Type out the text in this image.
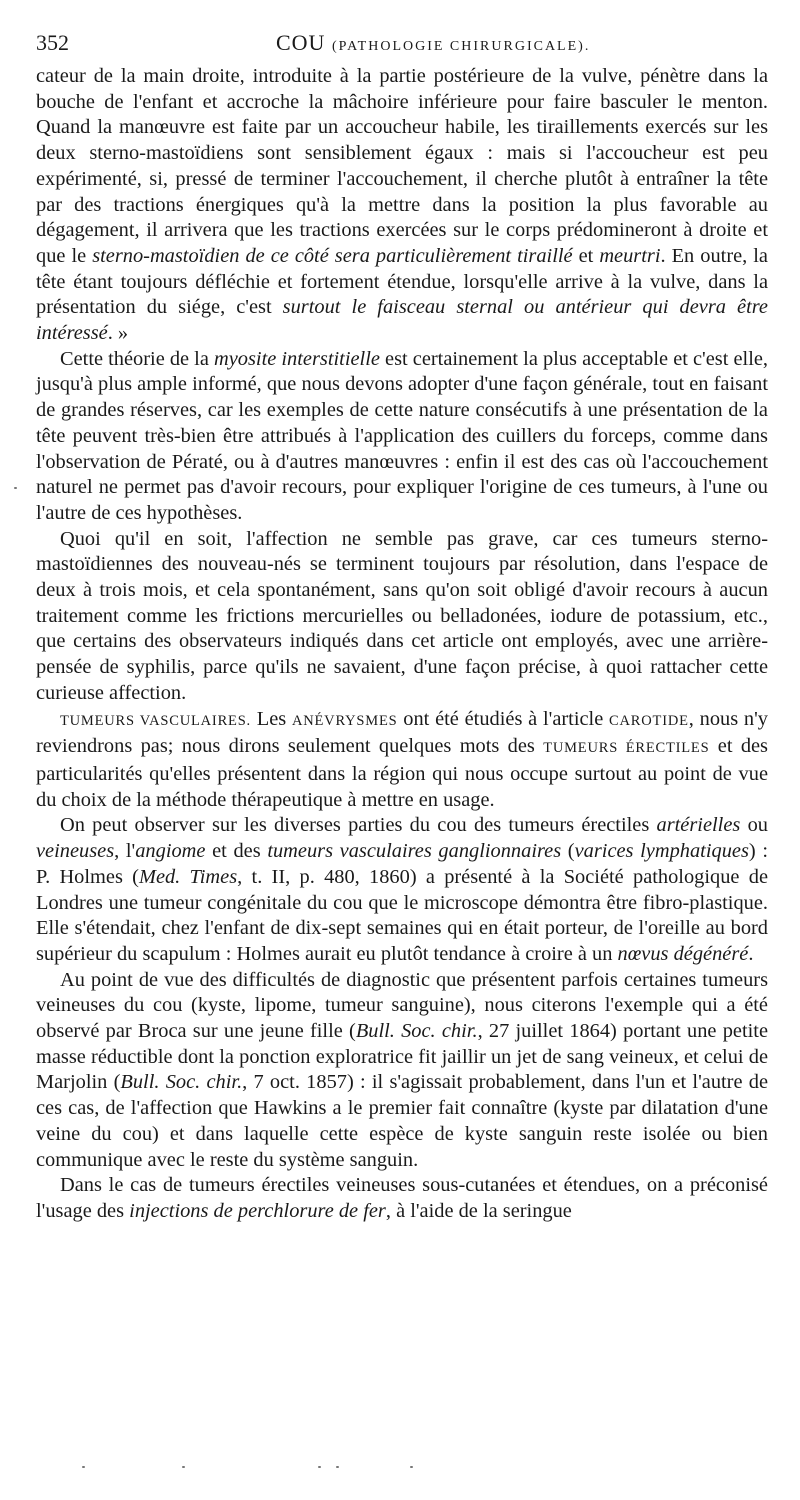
352	COU (PATHOLOGIE CHIRURGICALE).

cateur de la main droite, introduite à la partie postérieure de la vulve, pénètre dans la bouche de l'enfant et accroche la mâchoire inférieure pour faire basculer le menton. Quand la manœuvre est faite par un accoucheur habile, les tiraillements exercés sur les deux sterno-mastoïdiens sont sensiblement égaux : mais si l'accoucheur est peu expérimenté, si, pressé de terminer l'accouchement, il cherche plutôt à entraîner la tête par des tractions énergiques qu'à la mettre dans la position la plus favorable au dégagement, il arrivera que les tractions exercées sur le corps prédomineront à droite et que le sterno-mastoïdien de ce côté sera particulièrement tiraillé et meurtri. En outre, la tête étant toujours défléchie et fortement étendue, lorsqu'elle arrive à la vulve, dans la présentation du siége, c'est surtout le faisceau sternal ou antérieur qui devra être intéressé. »

Cette théorie de la myosite interstitielle est certainement la plus acceptable et c'est elle, jusqu'à plus ample informé, que nous devons adopter d'une façon générale, tout en faisant de grandes réserves, car les exemples de cette nature consécutifs à une présentation de la tête peuvent très-bien être attribués à l'application des cuillers du forceps, comme dans l'observation de Pératé, ou à d'autres manœuvres : enfin il est des cas où l'accouchement naturel ne permet pas d'avoir recours, pour expliquer l'origine de ces tumeurs, à l'une ou l'autre de ces hypothèses.

Quoi qu'il en soit, l'affection ne semble pas grave, car ces tumeurs sterno-mastoïdiennes des nouveau-nés se terminent toujours par résolution, dans l'espace de deux à trois mois, et cela spontanément, sans qu'on soit obligé d'avoir recours à aucun traitement comme les frictions mercurielles ou belladonées, iodure de potassium, etc., que certains des observateurs indiqués dans cet article ont employés, avec une arrière-pensée de syphilis, parce qu'ils ne savaient, d'une façon précise, à quoi rattacher cette curieuse affection.

TUMEURS VASCULAIRES. Les ANÉVRYSMES ont été étudiés à l'article CAROTIDE, nous n'y reviendrons pas; nous dirons seulement quelques mots des TUMEURS ÉRECTILES et des particularités qu'elles présentent dans la région qui nous occupe surtout au point de vue du choix de la méthode thérapeutique à mettre en usage.

On peut observer sur les diverses parties du cou des tumeurs érectiles artérielles ou veineuses, l'angiome et des tumeurs vasculaires ganglionnaires (varices lymphatiques) : P. Holmes (Med. Times, t. II, p. 480, 1860) a présenté à la Société pathologique de Londres une tumeur congénitale du cou que le microscope démontra être fibro-plastique. Elle s'étendait, chez l'enfant de dix-sept semaines qui en était porteur, de l'oreille au bord supérieur du scapulum : Holmes aurait eu plutôt tendance à croire à un nœvus dégénéré.

Au point de vue des difficultés de diagnostic que présentent parfois certaines tumeurs veineuses du cou (kyste, lipome, tumeur sanguine), nous citerons l'exemple qui a été observé par Broca sur une jeune fille (Bull. Soc. chir., 27 juillet 1864) portant une petite masse réductible dont la ponction exploratrice fit jaillir un jet de sang veineux, et celui de Marjolin (Bull. Soc. chir., 7 oct. 1857) : il s'agissait probablement, dans l'un et l'autre de ces cas, de l'affection que Hawkins a le premier fait connaître (kyste par dilatation d'une veine du cou) et dans laquelle cette espèce de kyste sanguin reste isolée ou bien communique avec le reste du système sanguin.

Dans le cas de tumeurs érectiles veineuses sous-cutanées et étendues, on a préconisé l'usage des injections de perchlorure de fer, à l'aide de la seringue
